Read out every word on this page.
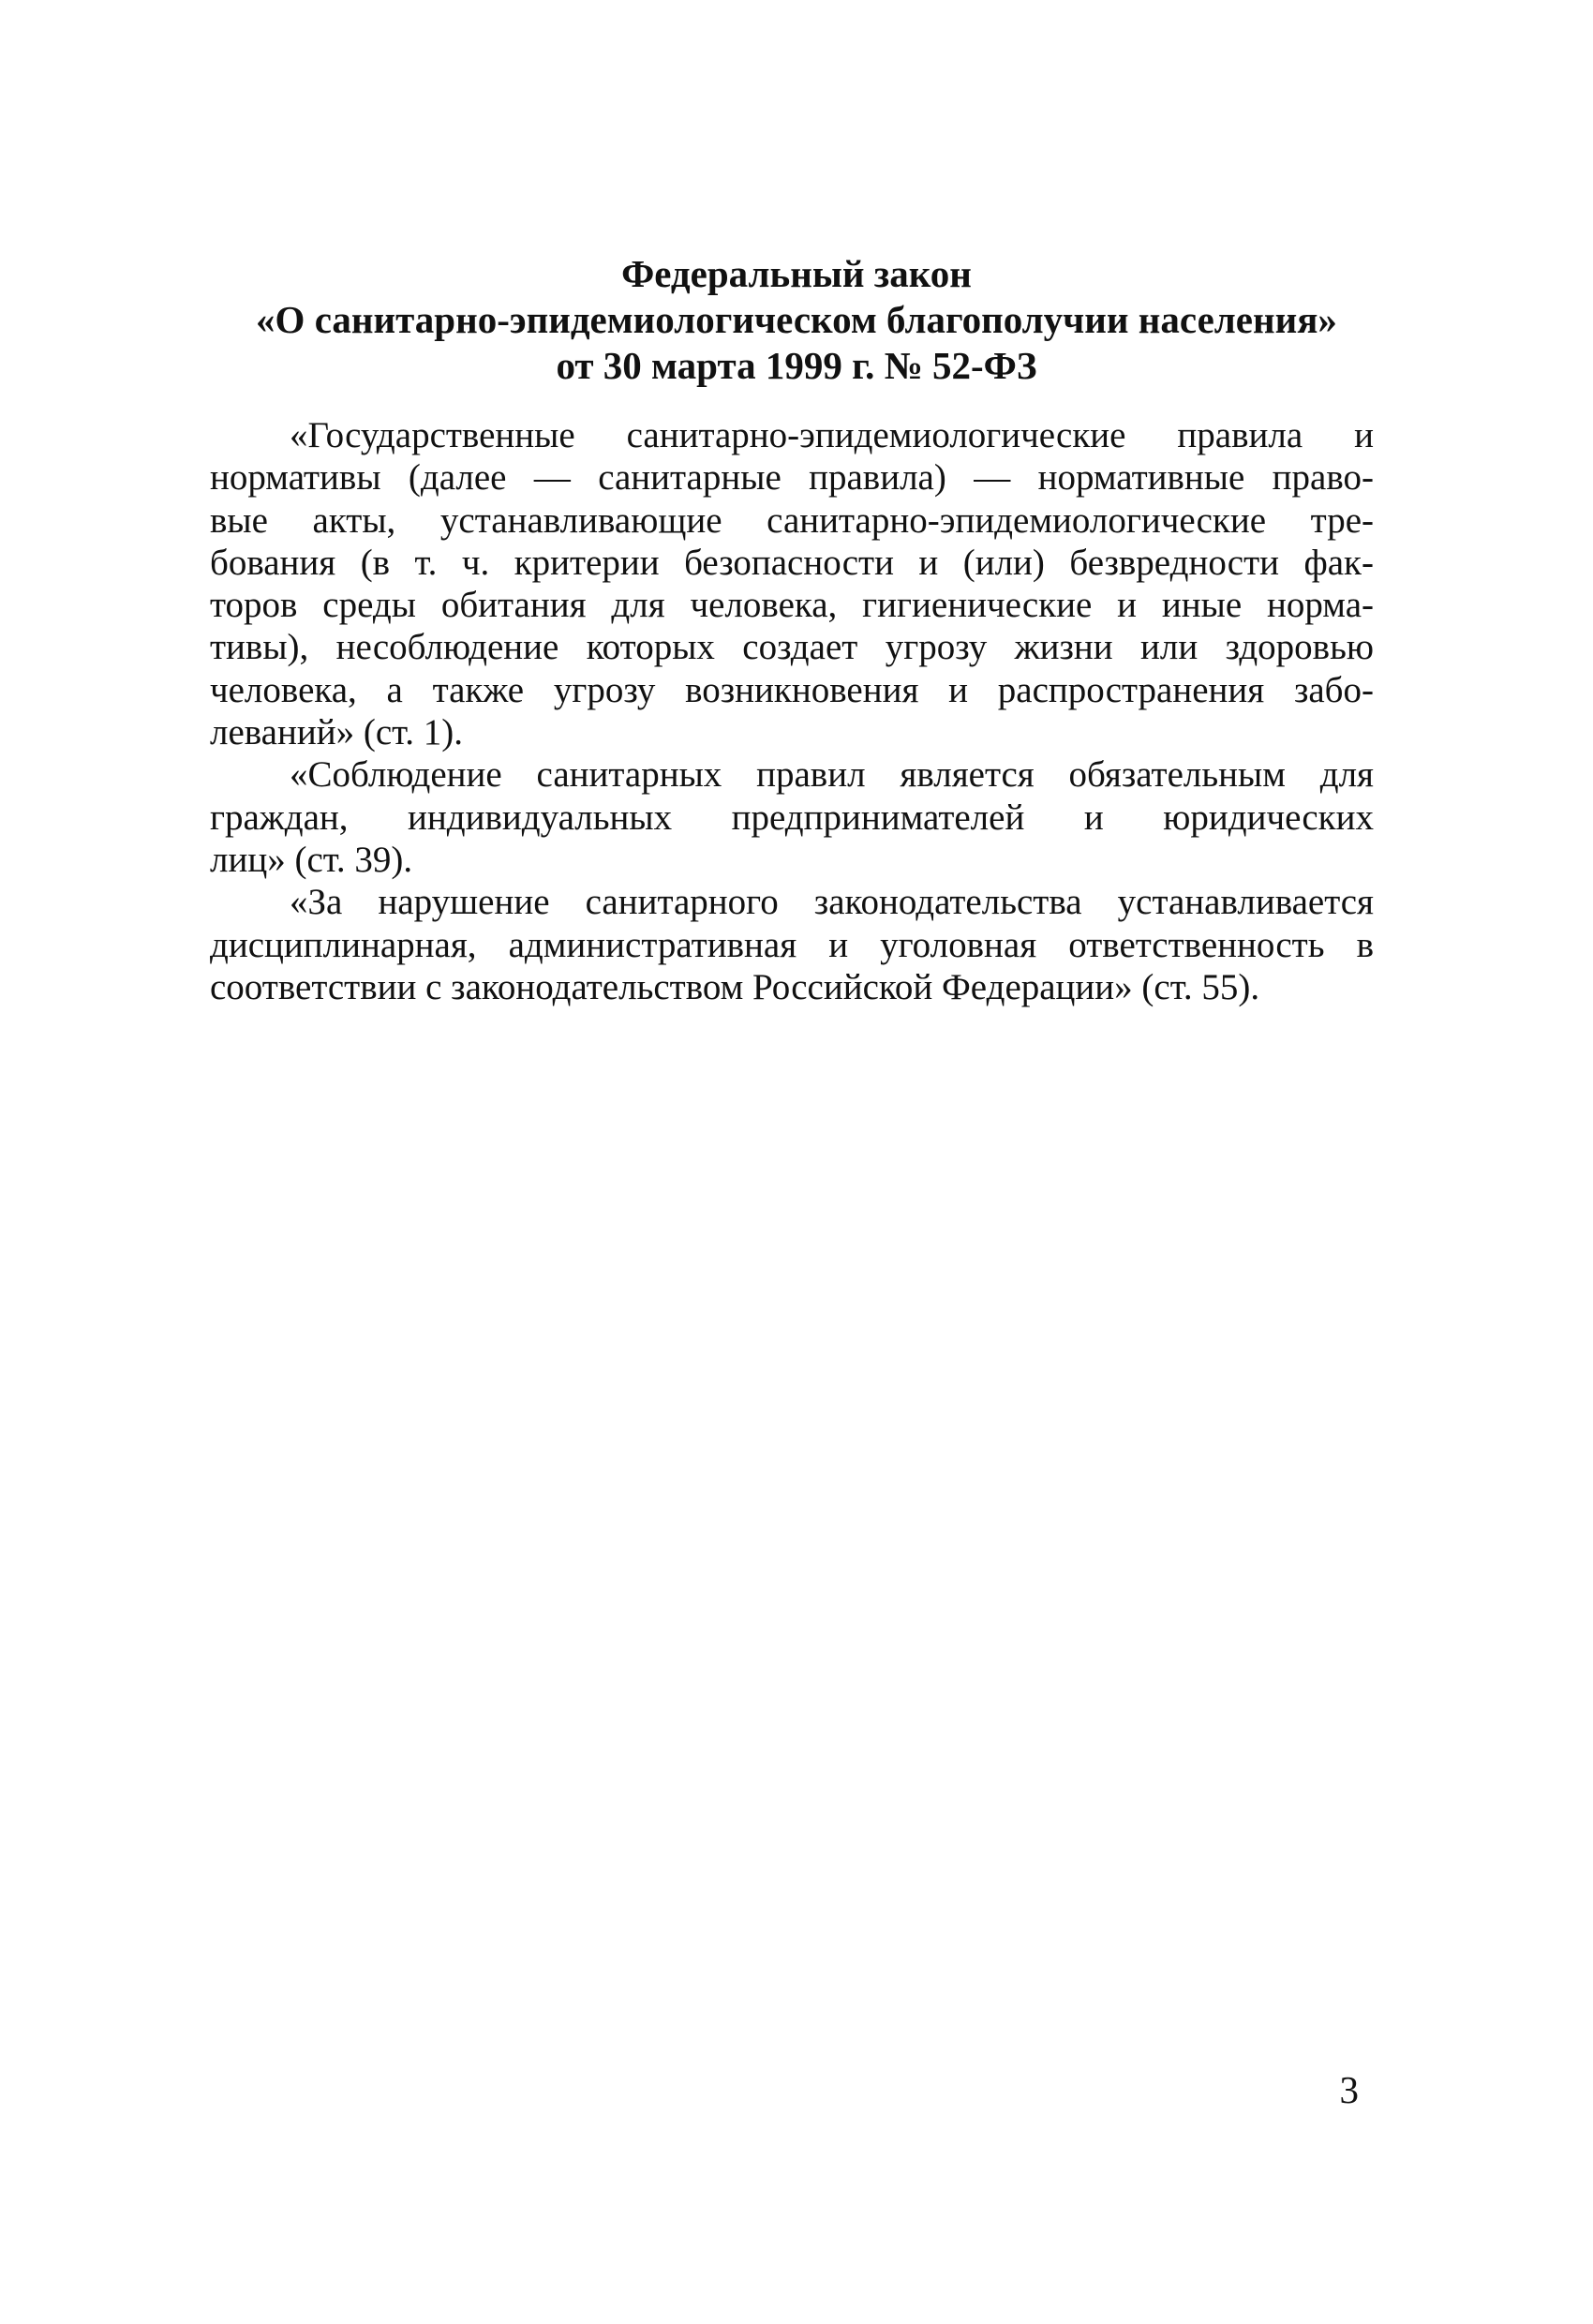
Федеральный закон
«О санитарно-эпидемиологическом благополучии населения»
от 30 марта 1999 г. № 52-ФЗ
«Государственные санитарно-эпидемиологические правила и
нормативы (далее — санитарные правила) — нормативные право-
вые акты, устанавливающие санитарно-эпидемиологические тре-
бования (в т. ч. критерии безопасности и (или) безвредности фак-
торов среды обитания для человека, гигиенические и иные норма-
тивы), несоблюдение которых создает угрозу жизни или здоровью
человека, а также угрозу возникновения и распространения забо-
леваний» (ст. 1).
«Соблюдение санитарных правил является обязательным для
граждан, индивидуальных предпринимателей и юридических
лиц» (ст. 39).
«За нарушение санитарного законодательства устанавливается
дисциплинарная, административная и уголовная ответственность в
соответствии с законодательством Российской Федерации» (ст. 55).
3
